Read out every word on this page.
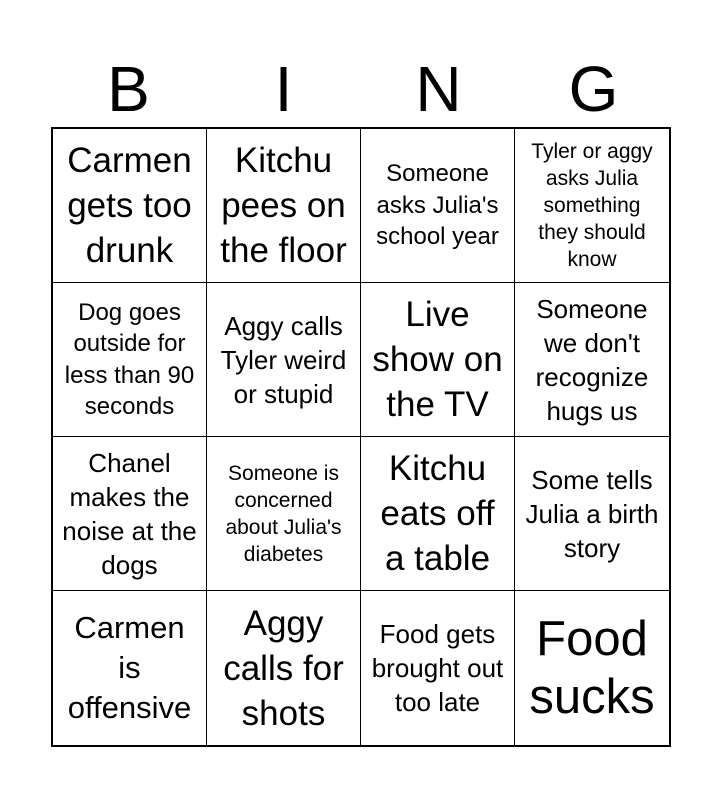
B	I	N	G
Carmen gets too drunk
Kitchu pees on the floor
Someone asks Julia's school year
Tyler or aggy asks Julia something they should know
Dog goes outside for less than 90 seconds
Aggy calls Tyler weird or stupid
Live show on the TV
Someone we don't recognize hugs us
Chanel makes the noise at the dogs
Someone is concerned about Julia's diabetes
Kitchu eats off a table
Some tells Julia a birth story
Carmen is offensive
Aggy calls for shots
Food gets brought out too late
Food sucks
